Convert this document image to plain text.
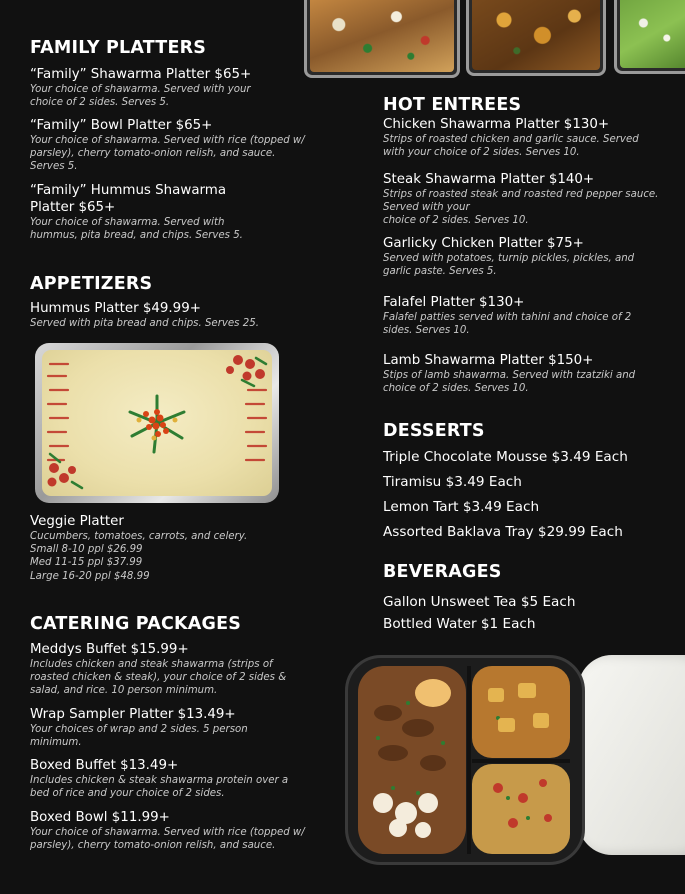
FAMILY PLATTERS
“Family” Shawarma Platter $65+
Your choice of shawarma. Served with your choice of 2 sides. Serves 5.
“Family” Bowl Platter $65+
Your choice of shawarma. Served with rice (topped w/ parsley), cherry tomato-onion relish, and sauce. Serves 5.
“Family” Hummus Shawarma Platter $65+
Your choice of shawarma. Served with hummus, pita bread, and chips. Serves 5.
APPETIZERS
Hummus Platter $49.99+
Served with pita bread and chips. Serves 25.
Veggie Platter
Cucumbers, tomatoes, carrots, and celery.
Small 8-10 ppl $26.99
Med 11-15 ppl $37.99
Large 16-20 ppl $48.99
CATERING PACKAGES
Meddys Buffet $15.99+
Includes chicken and steak shawarma (strips of roasted chicken & steak), your choice of 2 sides & salad, and rice. 10 person minimum.
Wrap Sampler Platter $13.49+
Your choices of wrap and 2 sides. 5 person minimum.
Boxed Buffet $13.49+
Includes chicken & steak shawarma protein over a bed of rice and your choice of 2 sides.
Boxed Bowl $11.99+
Your choice of shawarma. Served with rice (topped w/ parsley), cherry tomato-onion relish, and sauce.
HOT ENTREES
Chicken Shawarma Platter $130+
Strips of roasted chicken and garlic sauce. Served with your choice of 2 sides. Serves 10.
Steak Shawarma Platter $140+
Strips of roasted steak and roasted red pepper sauce. Served with your
choice of 2 sides. Serves 10.
Garlicky Chicken Platter $75+
Served with potatoes, turnip pickles, pickles, and garlic paste. Serves 5.
Falafel Platter $130+
Falafel patties served with tahini and choice of 2 sides. Serves 10.
Lamb Shawarma Platter $150+
Stips of lamb shawarma. Served with tzatziki and choice of 2 sides. Serves 10.
DESSERTS
Triple Chocolate Mousse $3.49 Each
Tiramisu $3.49 Each
Lemon Tart $3.49 Each
Assorted Baklava Tray $29.99 Each
BEVERAGES
Gallon Unsweet Tea $5 Each
Bottled Water $1 Each
